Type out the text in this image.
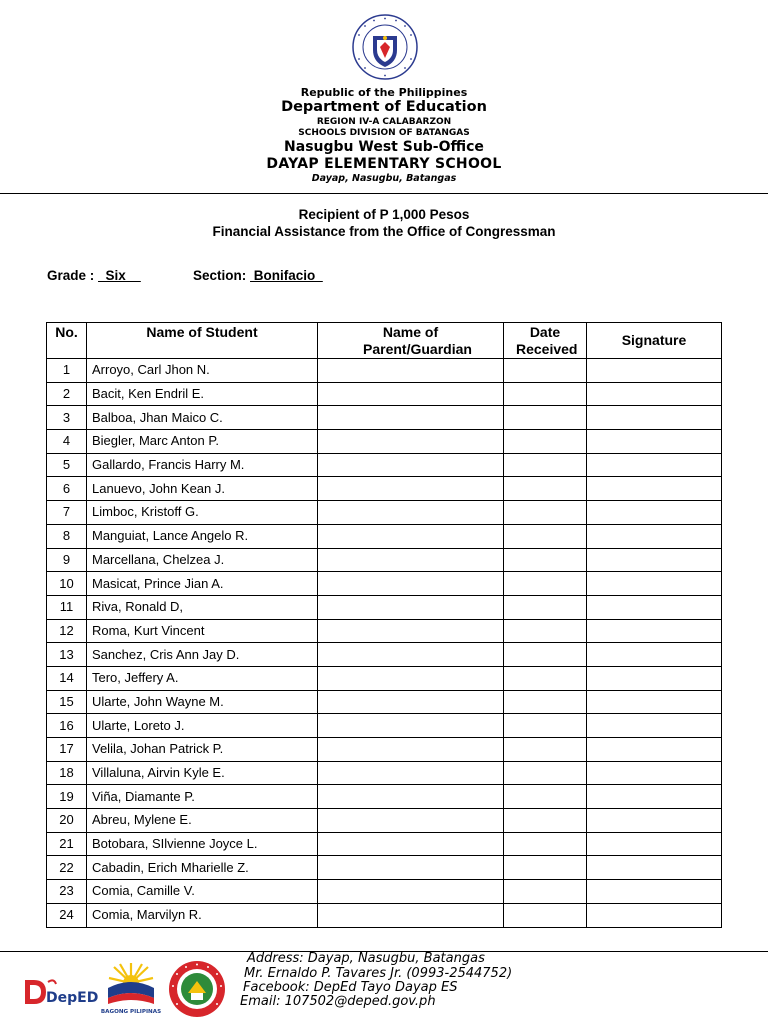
Republic of the Philippines
Department of Education
REGION IV-A CALABARZON
SCHOOLS DIVISION OF BATANGAS
Nasugbu West Sub-Office
DAYAP ELEMENTARY SCHOOL
Dayap, Nasugbu, Batangas
Recipient of P 1,000 Pesos
Financial Assistance from the Office of Congressman
Grade :   Six	Section:  Bonifacio
No.	Name of Student	Name of Parent/Guardian	Date Received	Signature
1	Arroyo, Carl Jhon N.			
2	Bacit, Ken Endril E.			
3	Balboa, Jhan Maico C.			
4	Biegler, Marc Anton P.			
5	Gallardo, Francis Harry M.			
6	Lanuevo, John Kean J.			
7	Limboc, Kristoff G.			
8	Manguiat, Lance Angelo R.			
9	Marcellana, Chelzea J.			
10	Masicat, Prince Jian A.			
11	Riva, Ronald D,			
12	Roma, Kurt Vincent			
13	Sanchez, Cris Ann Jay D.			
14	Tero, Jeffery A.			
15	Ularte, John Wayne M.			
16	Ularte, Loreto J.			
17	Velila, Johan Patrick P.			
18	Villaluna, Airvin Kyle E.			
19	Viña, Diamante P.			
20	Abreu, Mylene E.			
21	Botobara, SIlvienne Joyce L.			
22	Cabadin, Erich Mharielle Z.			
23	Comia, Camille V.			
24	Comia, Marvilyn R.			
DepED
BAGONG PILIPINAS
Address: Dayap, Nasugbu, Batangas
Mr. Ernaldo P. Tavares Jr. (0993-2544752)
Facebook: DepEd Tayo Dayap ES
Email: 107502@deped.gov.ph
